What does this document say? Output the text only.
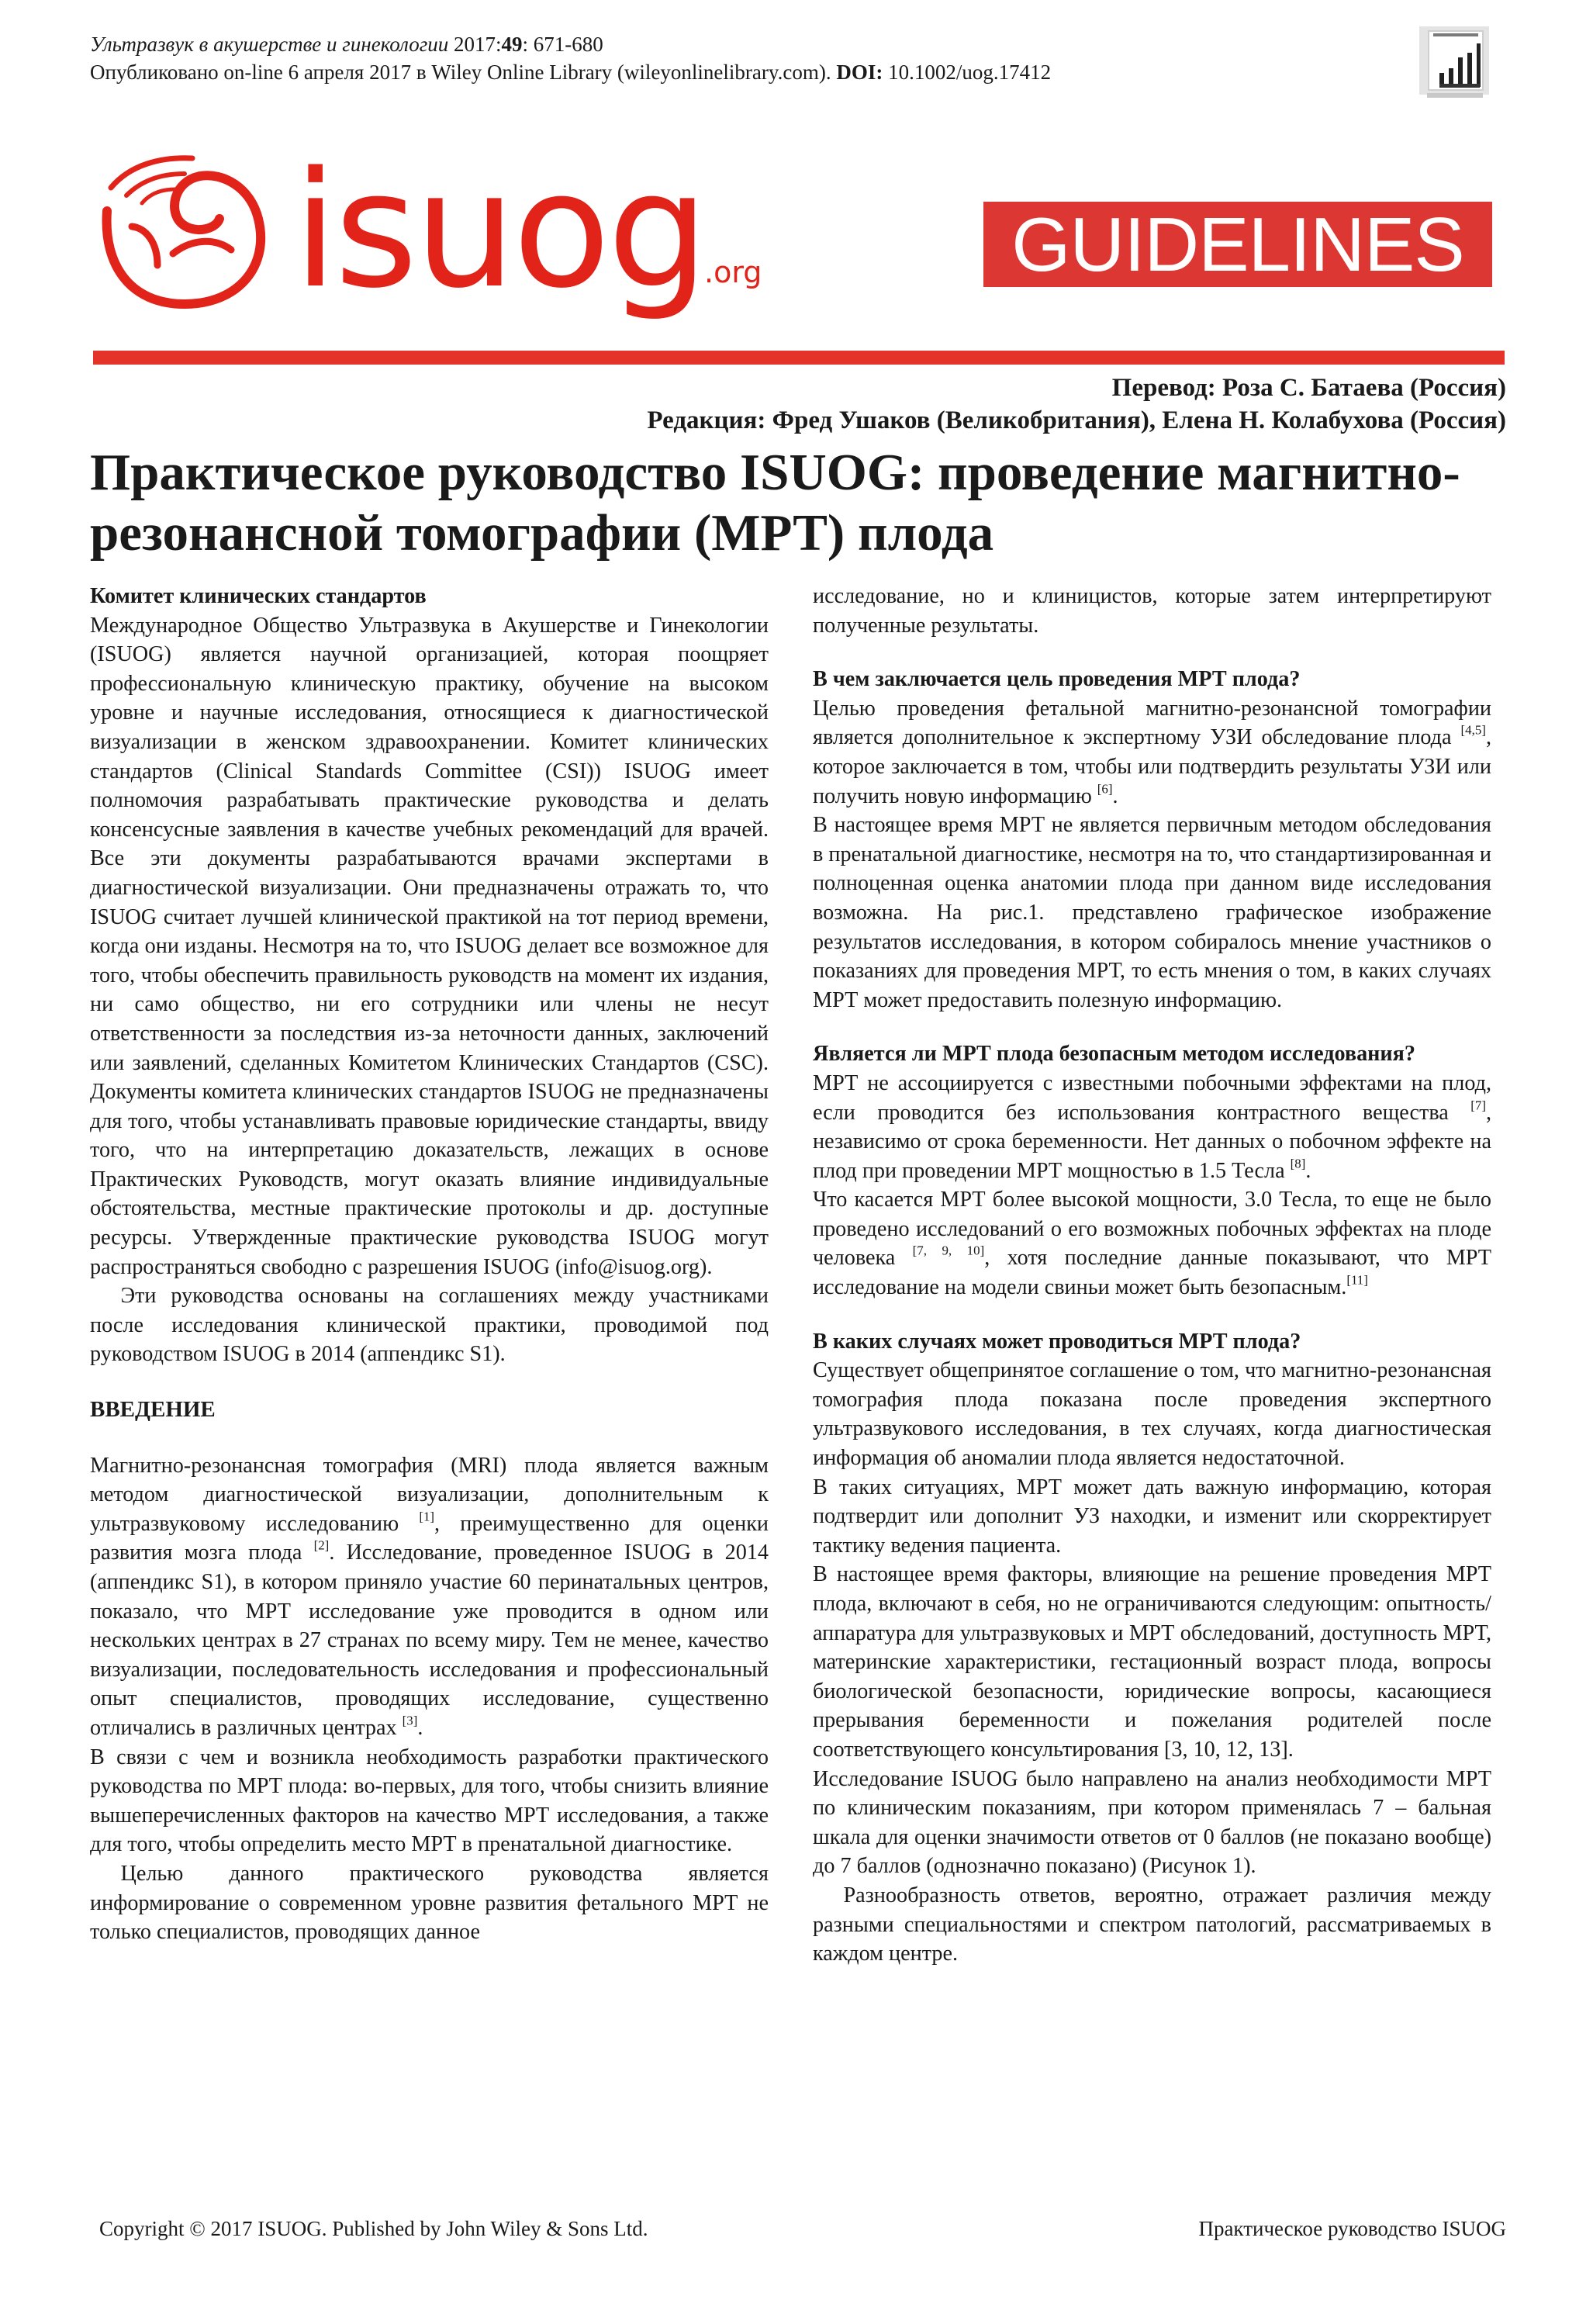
Ультразвук в акушерстве и гинекологии 2017:49: 671-680
Опубликовано on-line 6 апреля 2017 в Wiley Online Library (wileyonlinelibrary.com). DOI: 10.1002/uog.17412
isuog
.org	GUIDELINES
Перевод: Роза С. Батаева (Россия)
Редакция: Фред Ушаков (Великобритания), Елена Н. Колабухова (Россия)
Практическое руководство ISUOG: проведение магнитно-резонансной томографии (МРТ) плода
Комитет клинических стандартов

Международное Общество Ультразвука в Акушерстве и Гинекологии (ISUOG) является научной организацией, которая поощряет профессиональную клиническую практику, обучение на высоком уровне и научные исследования, относящиеся к диагностической визуализации в женском здравоохранении. Комитет клинических стандартов (Clinical Standards Committee (CSI)) ISUOG имеет полномочия разрабатывать практические руководства и делать консенсусные заявления в качестве учебных рекомендаций для врачей. Все эти документы разрабатываются врачами экспертами в диагностической визуализации. Они предназначены отражать то, что ISUOG считает лучшей клинической практикой на тот период времени, когда они изданы. Несмотря на то, что ISUOG делает все возможное для того, чтобы обеспечить правильность руководств на момент их издания, ни само общество, ни его сотрудники или члены не несут ответственности за последствия из-за неточности данных, заключений или заявлений, сделанных Комитетом Клинических Стандартов (CSC). Документы комитета клинических стандартов ISUOG не предназначены для того, чтобы устанавливать правовые юридические стандарты, ввиду того, что на интерпретацию доказательств, лежащих в основе Практических Руководств, могут оказать влияние индивидуальные обстоятельства, местные практические протоколы и др. доступные ресурсы. Утвержденные практические руководства ISUOG могут распространяться свободно с разрешения ISUOG (info@isuog.org).

Эти руководства основаны на соглашениях между участниками после исследования клинической практики, проводимой под руководством ISUOG в 2014 (аппендикс S1).

ВВЕДЕНИЕ

Магнитно-резонансная томография (MRI) плода является важным методом диагностической визуализации, дополнительным к ультразвуковому исследованию [1], преимущественно для оценки развития мозга плода [2]. Исследование, проведенное ISUOG в 2014 (аппендикс S1), в котором приняло участие 60 перинатальных центров, показало, что МРТ исследование уже проводится в одном или нескольких центрах в 27 странах по всему миру. Тем не менее, качество визуализации, последовательность исследования и профессиональный опыт специалистов, проводящих исследование, существенно отличались в различных центрах [3].

В связи с чем и возникла необходимость разработки практического руководства по МРТ плода: во-первых, для того, чтобы снизить влияние вышеперечисленных факторов на качество МРТ исследования, а также для того, чтобы определить место МРТ в пренатальной диагностике.

Целью данного практического руководства является информирование о современном уровне развития фетального МРТ не только специалистов, проводящих данное

исследование, но и клиницистов, которые затем интерпретируют полученные результаты.

В чем заключается цель проведения МРТ плода?

Целью проведения фетальной магнитно-резонансной томографии является дополнительное к экспертному УЗИ обследование плода [4,5], которое заключается в том, чтобы или подтвердить результаты УЗИ или получить новую информацию [6].

В настоящее время МРТ не является первичным методом обследования в пренатальной диагностике, несмотря на то, что стандартизированная и полноценная оценка анатомии плода при данном виде исследования возможна. На рис.1. представлено графическое изображение результатов исследования, в котором собиралось мнение участников о показаниях для проведения МРТ, то есть мнения о том, в каких случаях МРТ может предоставить полезную информацию.

Является ли МРТ плода безопасным методом исследования?

МРТ не ассоциируется с известными побочными эффектами на плод, если проводится без использования контрастного вещества [7], независимо от срока беременности. Нет данных о побочном эффекте на плод при проведении МРТ мощностью в 1.5 Тесла [8].

Что касается МРТ более высокой мощности, 3.0 Тесла, то еще не было проведено исследований о его возможных побочных эффектах на плоде человека [7, 9, 10], хотя последние данные показывают, что МРТ исследование на модели свиньи может быть безопасным.[11]

В каких случаях может проводиться МРТ плода?

Существует общепринятое соглашение о том, что магнитно-резонансная томография плода показана после проведения экспертного ультразвукового исследования, в тех случаях, когда диагностическая информация об аномалии плода является недостаточной.

В таких ситуациях, МРТ может дать важную информацию, которая подтвердит или дополнит УЗ находки, и изменит или скорректирует тактику ведения пациента.

В настоящее время факторы, влияющие на решение проведения МРТ плода, включают в себя, но не ограничиваются следующим: опытность/аппаратура для ультразвуковых и МРТ обследований, доступность МРТ, материнские характеристики, гестационный возраст плода, вопросы биологической безопасности, юридические вопросы, касающиеся прерывания беременности и пожелания родителей после соответствующего консультирования [3, 10, 12, 13].

Исследование ISUOG было направлено на анализ необходимости МРТ по клиническим показаниям, при котором применялась 7 – бальная шкала для оценки значимости ответов от 0 баллов (не показано вообще) до 7 баллов (однозначно показано) (Рисунок 1).

Разнообразность ответов, вероятно, отражает различия между разными специальностями и спектром патологий, рассматриваемых в каждом центре.

Copyright © 2017 ISUOG. Published by John Wiley & Sons Ltd.	Практическое руководство ISUOG
